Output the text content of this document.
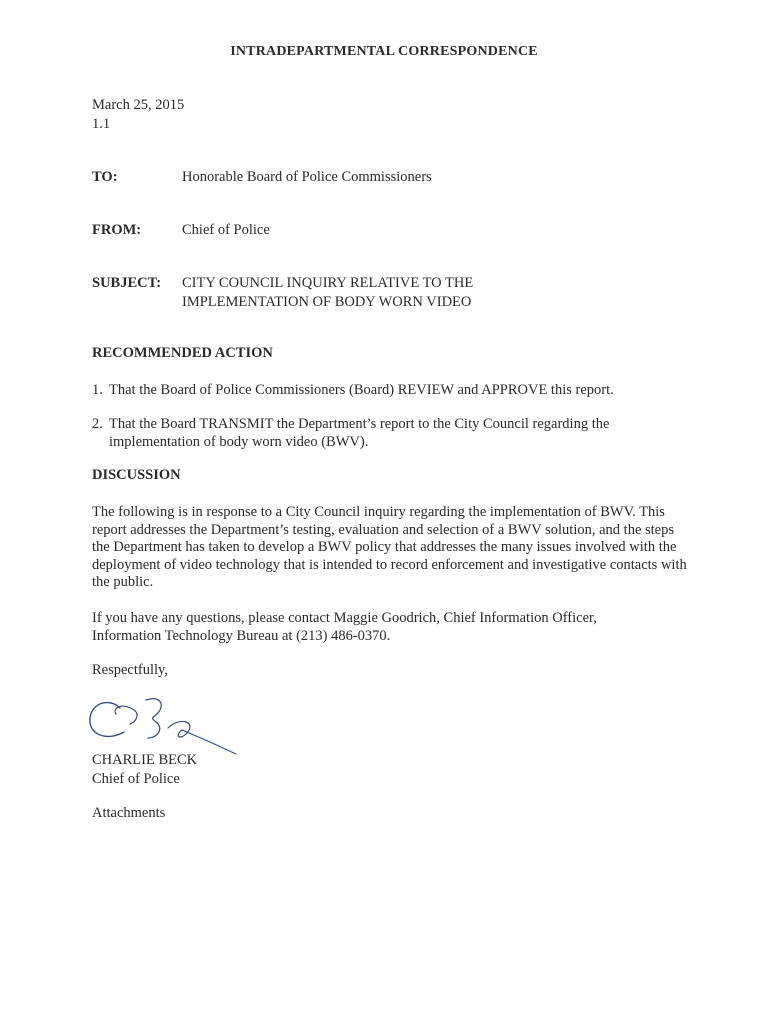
INTRADEPARTMENTAL CORRESPONDENCE
March 25, 2015
1.1
TO:	Honorable Board of Police Commissioners
FROM:	Chief of Police
SUBJECT:	CITY COUNCIL INQUIRY RELATIVE TO THE
IMPLEMENTATION OF BODY WORN VIDEO
RECOMMENDED ACTION
1. That the Board of Police Commissioners (Board) REVIEW and APPROVE this report.
2. That the Board TRANSMIT the Department’s report to the City Council regarding the implementation of body worn video (BWV).
DISCUSSION
The following is in response to a City Council inquiry regarding the implementation of BWV. This report addresses the Department’s testing, evaluation and selection of a BWV solution, and the steps the Department has taken to develop a BWV policy that addresses the many issues involved with the deployment of video technology that is intended to record enforcement and investigative contacts with the public.
If you have any questions, please contact Maggie Goodrich, Chief Information Officer, Information Technology Bureau at (213) 486-0370.
Respectfully,
CHARLIE BECK
Chief of Police
Attachments
